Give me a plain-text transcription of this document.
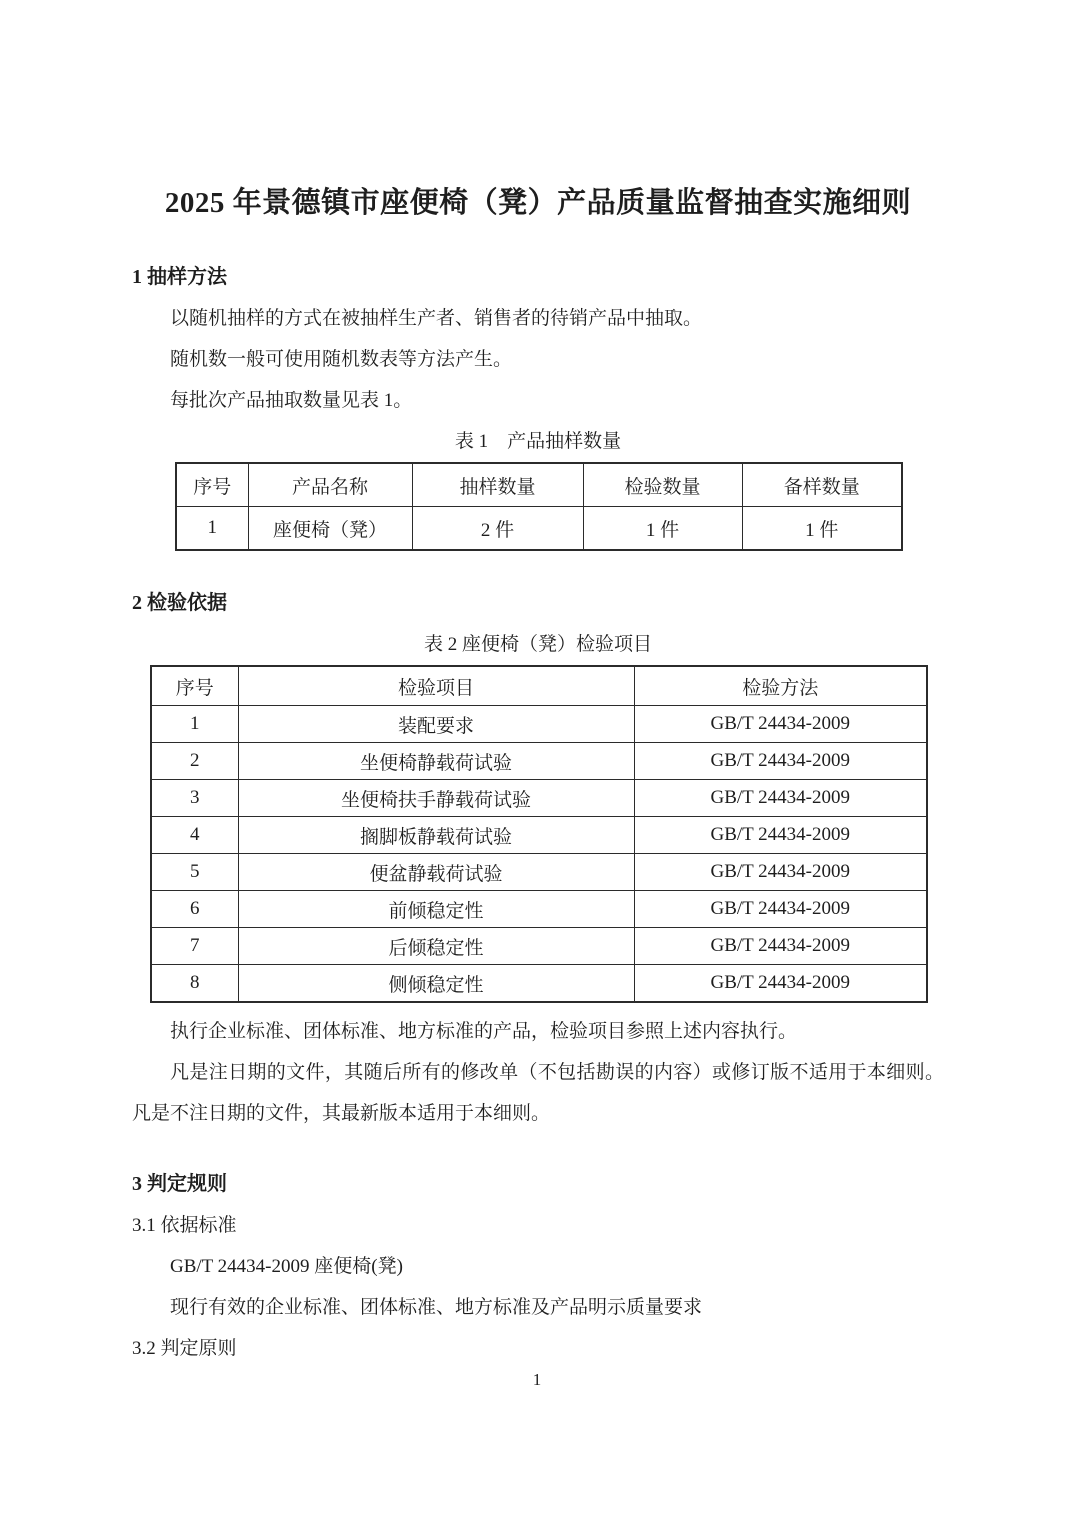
2025 年景德镇市座便椅（凳）产品质量监督抽查实施细则
1 抽样方法

以随机抽样的方式在被抽样生产者、销售者的待销产品中抽取。

随机数一般可使用随机数表等方法产生。

每批次产品抽取数量见表 1。

表 1　产品抽样数量

序号	产品名称	抽样数量	检验数量	备样数量
1	座便椅（凳）	2 件	1 件	1 件
2 检验依据

表 2 座便椅（凳）检验项目

序号	检验项目	检验方法
1	装配要求	GB/T 24434-2009
2	坐便椅静载荷试验	GB/T 24434-2009
3	坐便椅扶手静载荷试验	GB/T 24434-2009
4	搁脚板静载荷试验	GB/T 24434-2009
5	便盆静载荷试验	GB/T 24434-2009
6	前倾稳定性	GB/T 24434-2009
7	后倾稳定性	GB/T 24434-2009
8	侧倾稳定性	GB/T 24434-2009

执行企业标准、团体标准、地方标准的产品，检验项目参照上述内容执行。

凡是注日期的文件，其随后所有的修改单（不包括勘误的内容）或修订版不适用于本细则。凡是不注日期的文件，其最新版本适用于本细则。

3 判定规则

3.1 依据标准

GB/T 24434-2009 座便椅(凳)

现行有效的企业标准、团体标准、地方标准及产品明示质量要求

3.2 判定原则

1
